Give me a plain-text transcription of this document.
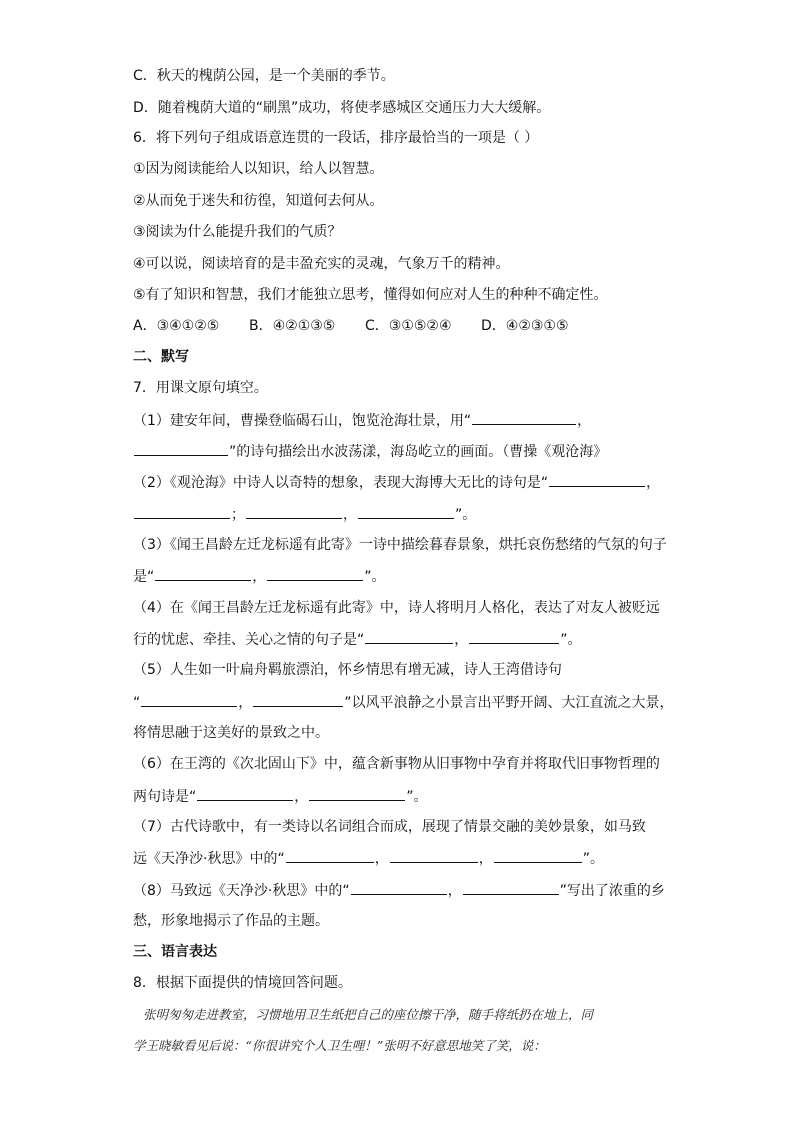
C．秋天的槐荫公园，是一个美丽的季节。
D．随着槐荫大道的“刷黑”成功，将使孝感城区交通压力大大缓解。
6．将下列句子组成语意连贯的一段话，排序最恰当的一项是（ ）
①因为阅读能给人以知识，给人以智慧。
②从而免于迷失和彷徨，知道何去何从。
③阅读为什么能提升我们的气质？
④可以说，阅读培育的是丰盈充实的灵魂，气象万千的精神。
⑤有了知识和智慧，我们才能独立思考，懂得如何应对人生的种种不确定性。
A．③④①②⑤ B．④②①③⑤ C．③①⑤②④ D．④②③①⑤
二、默写
7．用课文原句填空。
（1）建安年间，曹操登临碣石山，饱览沧海壮景，用“	，
”的诗句描绘出水波荡漾，海岛屹立的画面。（曹操《观沧海》
（2）《观沧海》中诗人以奇特的想象，表现大海博大无比的诗句是“	，
；	，	”。
（3）《闻王昌龄左迁龙标遥有此寄》一诗中描绘暮春景象，烘托哀伤愁绪的气氛的句子
是“	，	”。
（4）在《闻王昌龄左迁龙标遥有此寄》中，诗人将明月人格化，表达了对友人被贬远
行的忧虑、牵挂、关心之情的句子是“	，	”。
（5）人生如一叶扁舟羁旅漂泊，怀乡情思有增无减，诗人王湾借诗句
“	，	”以风平浪静之小景言出平野开阔、大江直流之大景，
将情思融于这美好的景致之中。
（6）在王湾的《次北固山下》中，蕴含新事物从旧事物中孕育并将取代旧事物哲理的
两句诗是“	，	”。
（7）古代诗歌中，有一类诗以名词组合而成，展现了情景交融的美妙景象，如马致
远《天净沙·秋思》中的“	，	，	”。
（8）马致远《天净沙·秋思》中的“	，	”写出了浓重的乡
愁，形象地揭示了作品的主题。
三、语言表达
8．根据下面提供的情境回答问题。
张明匆匆走进教室，习惯地用卫生纸把自己的座位擦干净，随手将纸扔在地上，同
学王晓敏看见后说：“你很讲究个人卫生哩！”张明不好意思地笑了笑，说：
